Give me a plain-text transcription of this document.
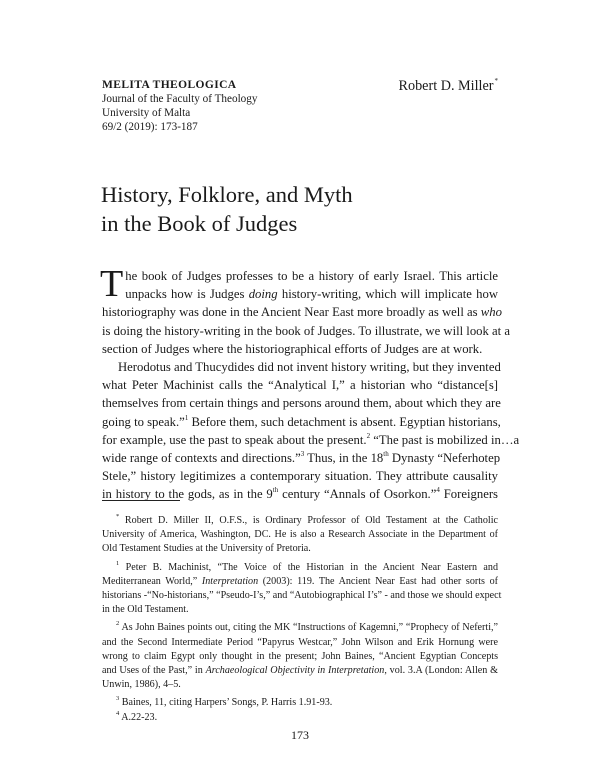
MELITA THEOLOGICA
Journal of the Faculty of Theology
University of Malta
69/2 (2019): 173-187
Robert D. Miller*
History, Folklore, and Myth
in the Book of Judges
T he book of Judges professes to be a history of early Israel. This article
unpacks how is Judges doing history-writing, which will implicate how
historiography was done in the Ancient Near East more broadly as well as who
is doing the history-writing in the book of Judges. To illustrate, we will look at a
section of Judges where the historiographical efforts of Judges are at work.
Herodotus and Thucydides did not invent history writing, but they invented
what Peter Machinist calls the “Analytical I,” a historian who “distance[s]
themselves from certain things and persons around them, about which they are
going to speak.”$^1$ Before them, such detachment is absent. Egyptian historians,
for example, use the past to speak about the present.$^2$ “The past is mobilized in…a
wide range of contexts and directions.”$^3$ Thus, in the 18th Dynasty “Neferhotep
Stele,” history legitimizes a contemporary situation. They attribute causality
in history to the gods, as in the 9th century “Annals of Osorkon.”$^4$ Foreigners
* Robert D. Miller II, O.F.S., is Ordinary Professor of Old Testament at the Catholic
University of America, Washington, DC. He is also a Research Associate in the Department of
Old Testament Studies at the University of Pretoria.
$^1$ Peter B. Machinist, “The Voice of the Historian in the Ancient Near Eastern and
Mediterranean World,” Interpretation (2003): 119. The Ancient Near East had other sorts of
historians -“No-historians,” “Pseudo-I’s,” and “Autobiographical I’s” - and those we should expect
in the Old Testament.
$^2$ As John Baines points out, citing the MK “Instructions of Kagemni,” “Prophecy of Neferti,”
and the Second Intermediate Period “Papyrus Westcar,” John Wilson and Erik Hornung were
wrong to claim Egypt only thought in the present; John Baines, “Ancient Egyptian Concepts
and Uses of the Past,” in Archaeological Objectivity in Interpretation, vol. 3.A (London: Allen &
Unwin, 1986), 4–5.
$^3$ Baines, 11, citing Harpers’ Songs, P. Harris 1.91-93.
$^4$ A.22-23.
173
